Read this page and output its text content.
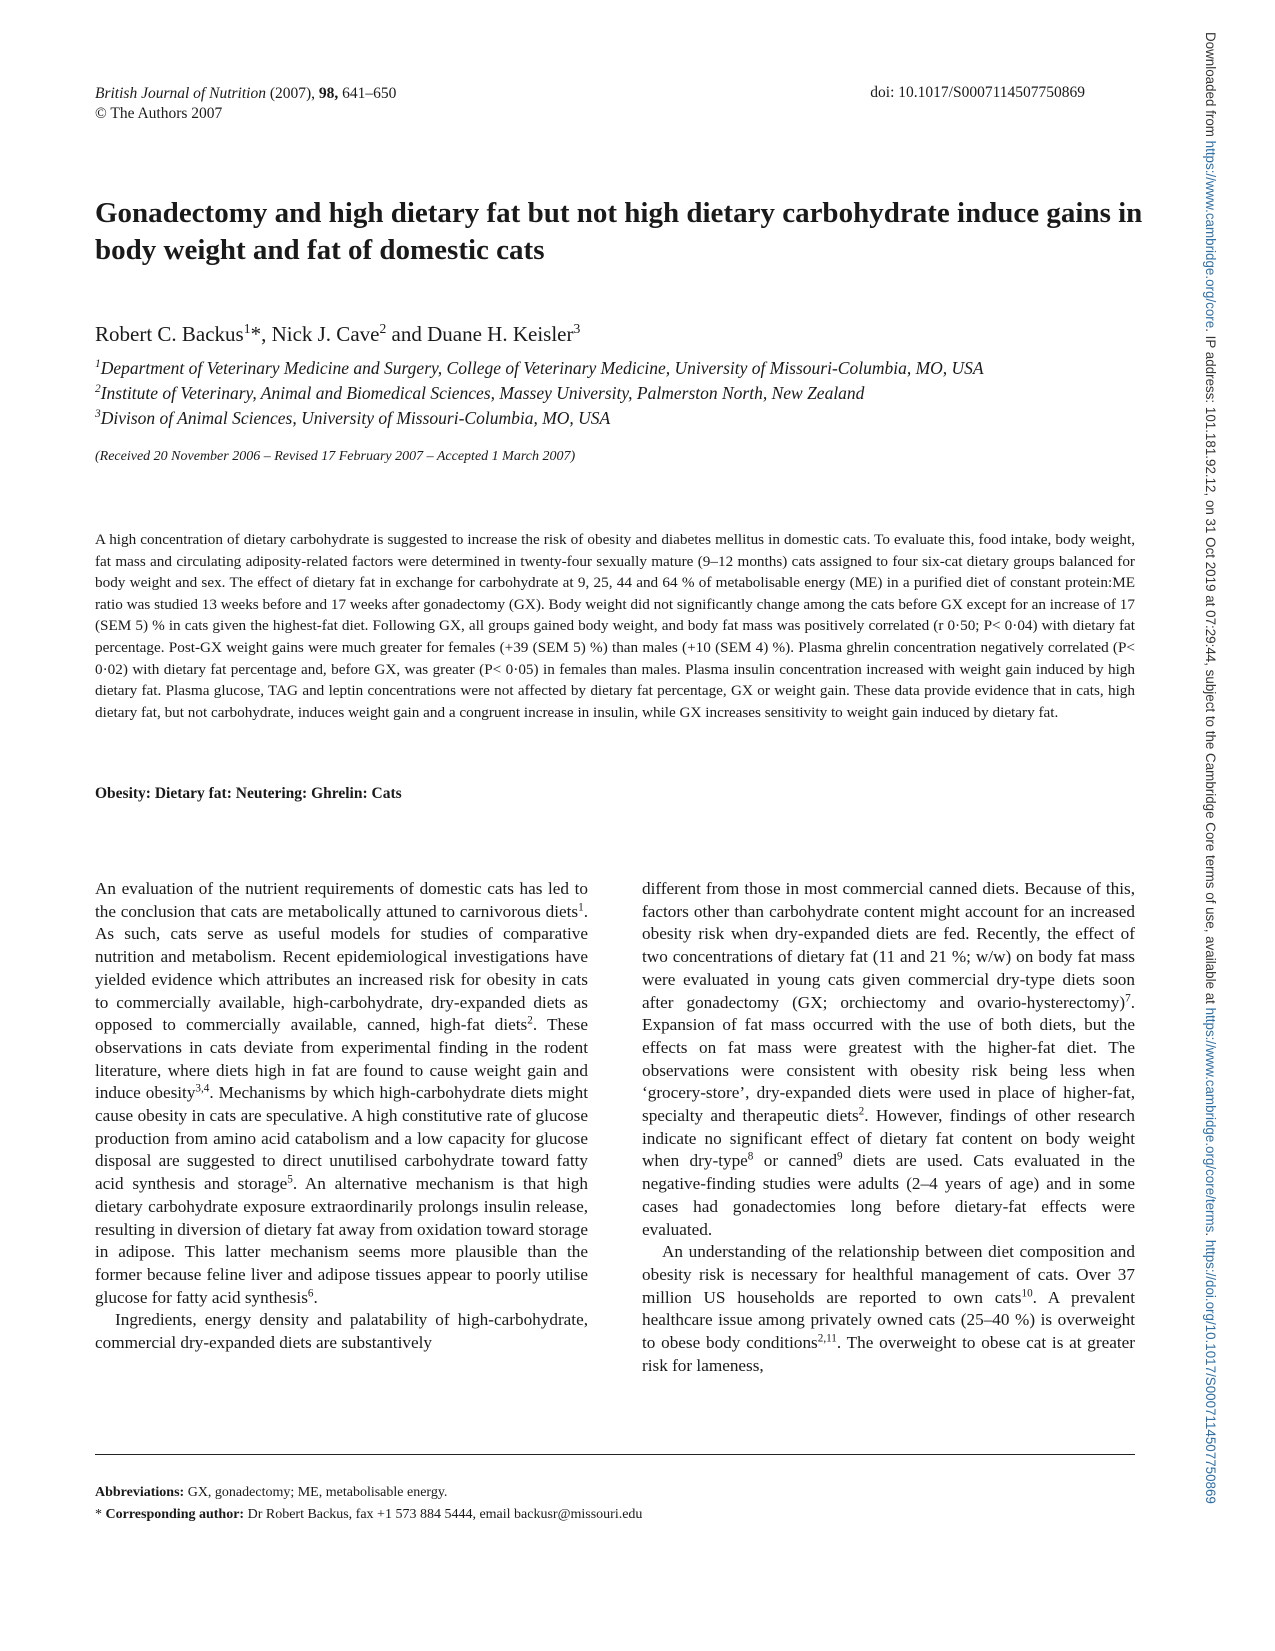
British Journal of Nutrition (2007), 98, 641–650
© The Authors 2007
doi: 10.1017/S0007114507750869
Gonadectomy and high dietary fat but not high dietary carbohydrate induce gains in body weight and fat of domestic cats
Robert C. Backus$^1$*, Nick J. Cave$^2$ and Duane H. Keisler$^3$
$^1$Department of Veterinary Medicine and Surgery, College of Veterinary Medicine, University of Missouri-Columbia, MO, USA
$^2$Institute of Veterinary, Animal and Biomedical Sciences, Massey University, Palmerston North, New Zealand
$^3$Divison of Animal Sciences, University of Missouri-Columbia, MO, USA
(Received 20 November 2006 – Revised 17 February 2007 – Accepted 1 March 2007)
A high concentration of dietary carbohydrate is suggested to increase the risk of obesity and diabetes mellitus in domestic cats. To evaluate this, food intake, body weight, fat mass and circulating adiposity-related factors were determined in twenty-four sexually mature (9–12 months) cats assigned to four six-cat dietary groups balanced for body weight and sex. The effect of dietary fat in exchange for carbohydrate at 9, 25, 44 and 64 % of metabolisable energy (ME) in a purified diet of constant protein:ME ratio was studied 13 weeks before and 17 weeks after gonadectomy (GX). Body weight did not significantly change among the cats before GX except for an increase of 17 (SEM 5) % in cats given the highest-fat diet. Following GX, all groups gained body weight, and body fat mass was positively correlated (r 0·50; P< 0·04) with dietary fat percentage. Post-GX weight gains were much greater for females (+39 (SEM 5) %) than males (+10 (SEM 4) %). Plasma ghrelin concentration negatively correlated (P< 0·02) with dietary fat percentage and, before GX, was greater (P< 0·05) in females than males. Plasma insulin concentration increased with weight gain induced by high dietary fat. Plasma glucose, TAG and leptin concentrations were not affected by dietary fat percentage, GX or weight gain. These data provide evidence that in cats, high dietary fat, but not carbohydrate, induces weight gain and a congruent increase in insulin, while GX increases sensitivity to weight gain induced by dietary fat.
Obesity: Dietary fat: Neutering: Ghrelin: Cats

An evaluation of the nutrient requirements of domestic cats has led to the conclusion that cats are metabolically attuned to carnivorous diets$^1$. As such, cats serve as useful models for studies of comparative nutrition and metabolism. Recent epidemiological investigations have yielded evidence which attributes an increased risk for obesity in cats to commercially available, high-carbohydrate, dry-expanded diets as opposed to commercially available, canned, high-fat diets$^2$. These observations in cats deviate from experimental finding in the rodent literature, where diets high in fat are found to cause weight gain and induce obesity$^{3,4}$. Mechanisms by which high-carbohydrate diets might cause obesity in cats are speculative. A high constitutive rate of glucose production from amino acid catabolism and a low capacity for glucose disposal are suggested to direct unutilised carbohydrate toward fatty acid synthesis and storage$^5$. An alternative mechanism is that high dietary carbohydrate exposure extraordinarily prolongs insulin release, resulting in diversion of dietary fat away from oxidation toward storage in adipose. This latter mechanism seems more plausible than the former because feline liver and adipose tissues appear to poorly utilise glucose for fatty acid synthesis$^6$.

Ingredients, energy density and palatability of high-carbohydrate, commercial dry-expanded diets are substantively

different from those in most commercial canned diets. Because of this, factors other than carbohydrate content might account for an increased obesity risk when dry-expanded diets are fed. Recently, the effect of two concentrations of dietary fat (11 and 21 %; w/w) on body fat mass were evaluated in young cats given commercial dry-type diets soon after gonadectomy (GX; orchiectomy and ovario-hysterectomy)$^7$. Expansion of fat mass occurred with the use of both diets, but the effects on fat mass were greatest with the higher-fat diet. The observations were consistent with obesity risk being less when ‘grocery-store’, dry-expanded diets were used in place of higher-fat, specialty and therapeutic diets$^2$. However, findings of other research indicate no significant effect of dietary fat content on body weight when dry-type$^8$ or canned$^9$ diets are used. Cats evaluated in the negative-finding studies were adults (2–4 years of age) and in some cases had gonadectomies long before dietary-fat effects were evaluated.

An understanding of the relationship between diet composition and obesity risk is necessary for healthful management of cats. Over 37 million US households are reported to own cats$^{10}$. A prevalent healthcare issue among privately owned cats (25–40 %) is overweight to obese body conditions$^{2,11}$. The overweight to obese cat is at greater risk for lameness,

Abbreviations: GX, gonadectomy; ME, metabolisable energy.
* Corresponding author: Dr Robert Backus, fax +1 573 884 5444, email backusr@missouri.edu
Downloaded from https://www.cambridge.org/core. IP address: 101.181.92.12, on 31 Oct 2019 at 07:29:44, subject to the Cambridge Core terms of use, available at https://www.cambridge.org/core/terms. https://doi.org/10.1017/S0007114507750869
